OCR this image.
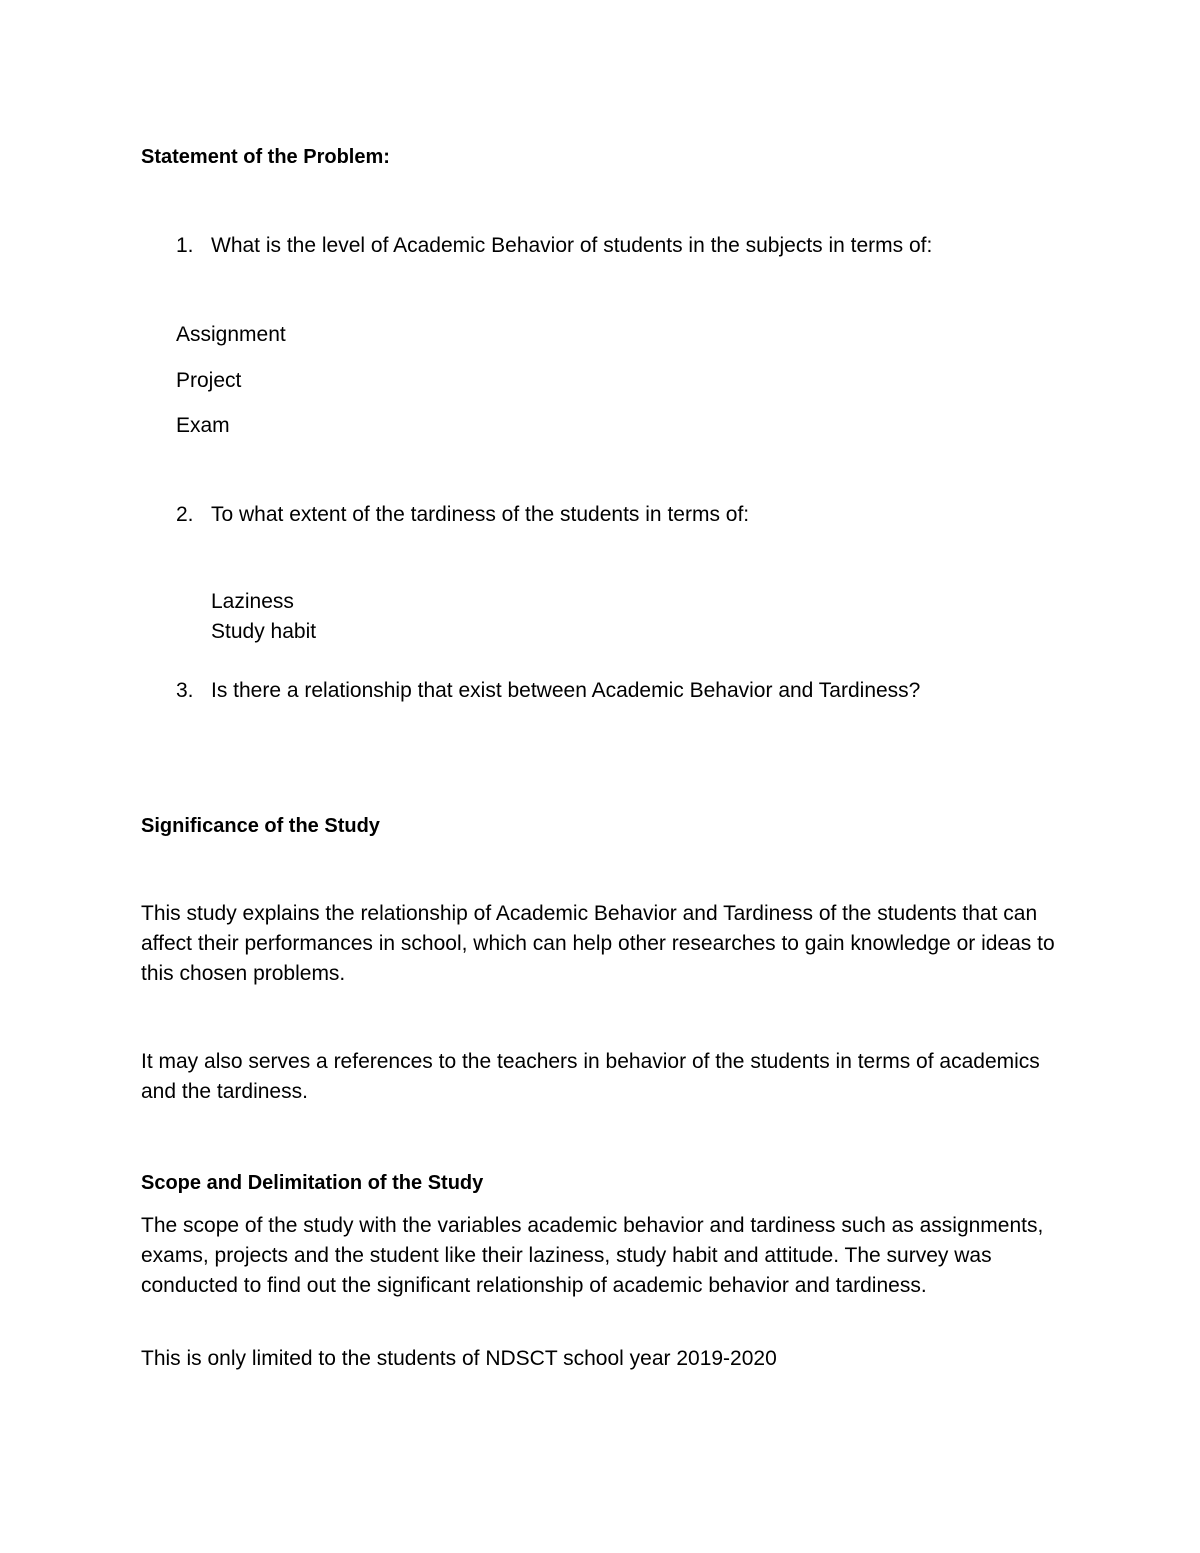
Statement of the Problem:
1. What is the level of Academic Behavior of students in the subjects in terms of:
Assignment
Project
Exam
2. To what extent of the tardiness of the students in terms of:
Laziness
Study habit
3. Is there a relationship that exist between Academic Behavior and Tardiness?
Significance of the Study
This study explains the relationship of Academic Behavior and Tardiness of the students that can affect their performances in school, which can help other researches to gain knowledge or ideas to this chosen problems.
It may also serves a references to the teachers in behavior of the students in terms of academics and the tardiness.
Scope and Delimitation of the Study
The scope of the study with the variables academic behavior and tardiness such as assignments, exams, projects and the student like their laziness, study habit and attitude. The survey was conducted to find out the significant relationship of academic behavior and tardiness.
This is only limited to the students of NDSCT school year 2019-2020
